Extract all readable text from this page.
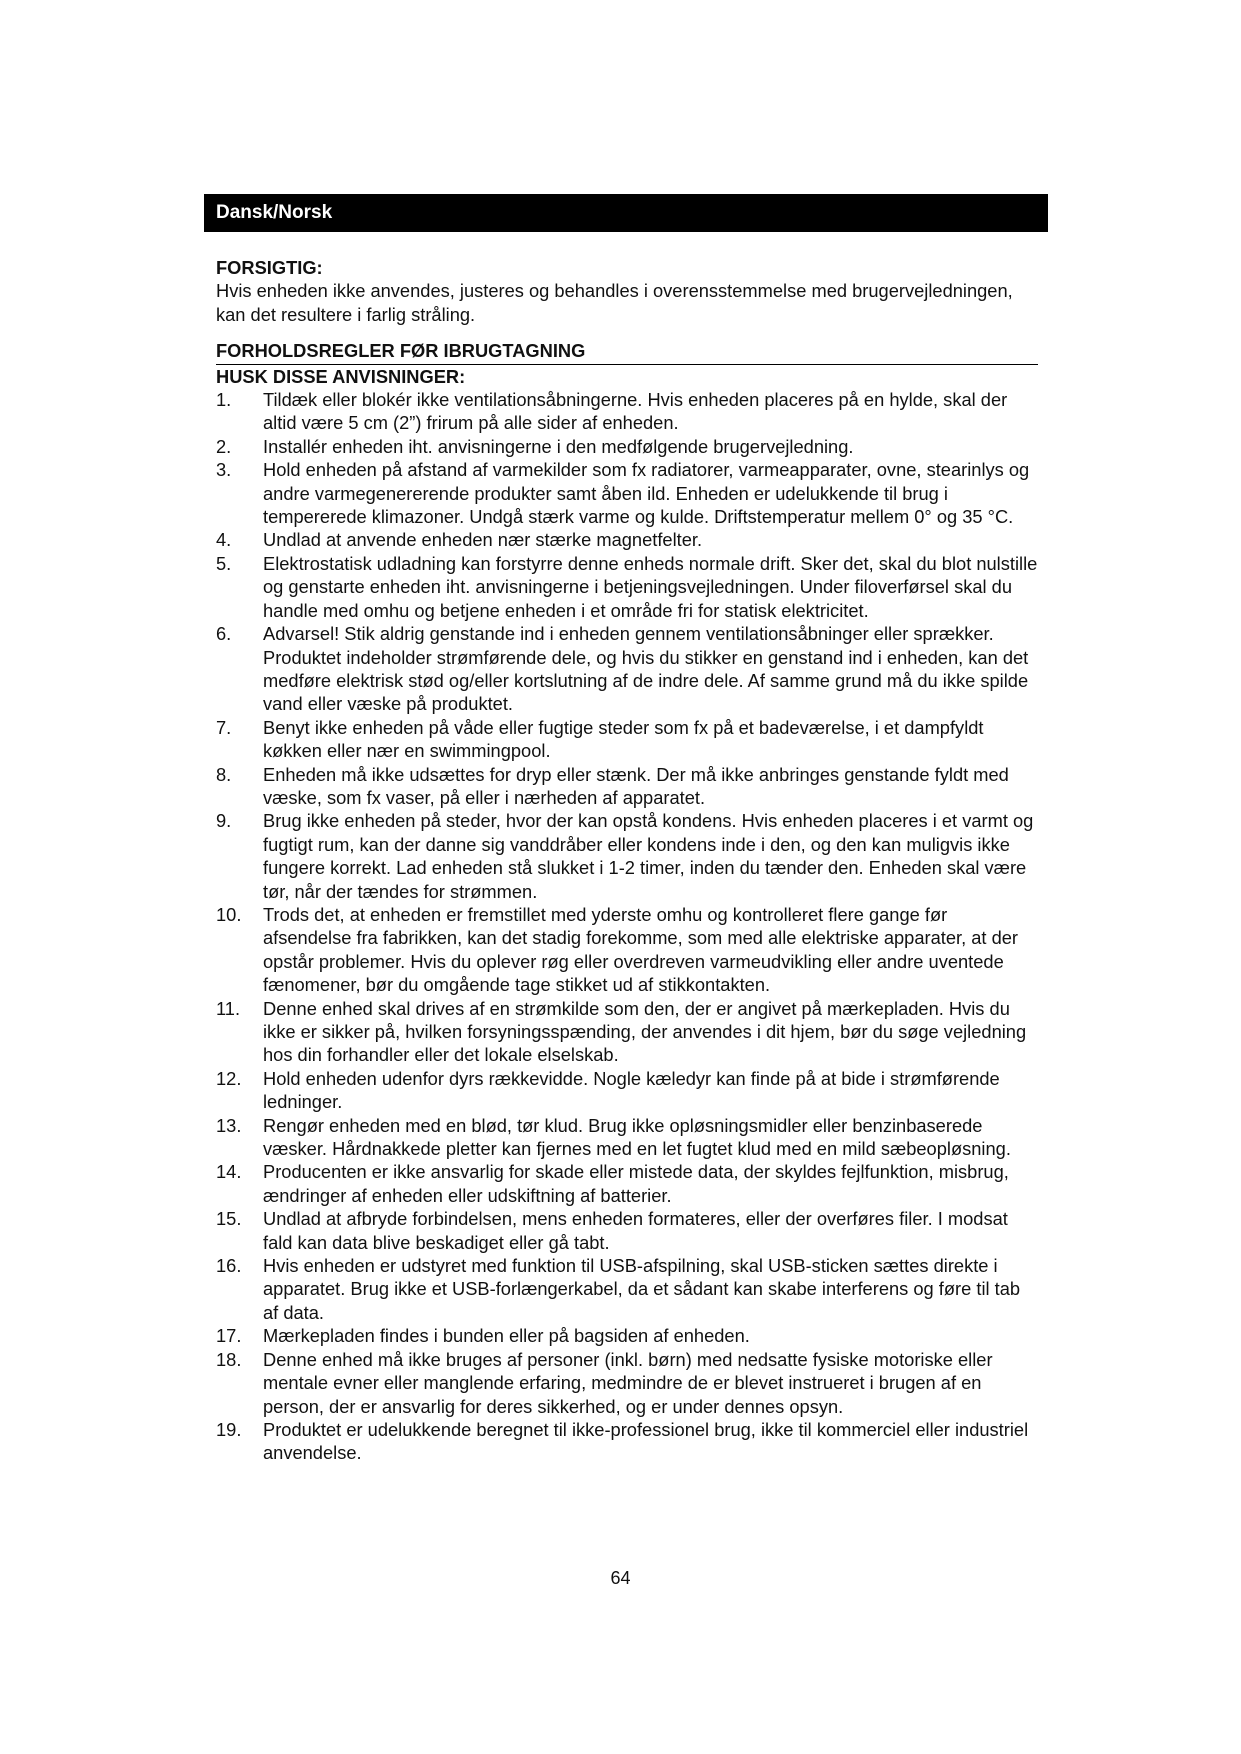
Dansk/Norsk

FORSIGTIG:

Hvis enheden ikke anvendes, justeres og behandles i overensstemmelse med brugervejledningen, kan det resultere i farlig stråling.

FORHOLDSREGLER FØR IBRUGTAGNING

HUSK DISSE ANVISNINGER:

1.	Tildæk eller blokér ikke ventilationsåbningerne. Hvis enheden placeres på en hylde, skal der altid være 5 cm (2”) frirum på alle sider af enheden.
2.	Installér enheden iht. anvisningerne i den medfølgende brugervejledning.
3.	Hold enheden på afstand af varmekilder som fx radiatorer, varmeapparater, ovne, stearinlys og andre varmegenererende produkter samt åben ild. Enheden er udelukkende til brug i tempererede klimazoner. Undgå stærk varme og kulde. Driftstemperatur mellem 0° og 35 °C.
4.	Undlad at anvende enheden nær stærke magnetfelter.
5.	Elektrostatisk udladning kan forstyrre denne enheds normale drift. Sker det, skal du blot nulstille og genstarte enheden iht. anvisningerne i betjeningsvejledningen. Under filoverførsel skal du handle med omhu og betjene enheden i et område fri for statisk elektricitet.
6.	Advarsel! Stik aldrig genstande ind i enheden gennem ventilationsåbninger eller sprækker. Produktet indeholder strømførende dele, og hvis du stikker en genstand ind i enheden, kan det medføre elektrisk stød og/eller kortslutning af de indre dele. Af samme grund må du ikke spilde vand eller væske på produktet.
7.	Benyt ikke enheden på våde eller fugtige steder som fx på et badeværelse, i et dampfyldt køkken eller nær en swimmingpool.
8.	Enheden må ikke udsættes for dryp eller stænk. Der må ikke anbringes genstande fyldt med væske, som fx vaser, på eller i nærheden af apparatet.
9.	Brug ikke enheden på steder, hvor der kan opstå kondens. Hvis enheden placeres i et varmt og fugtigt rum, kan der danne sig vanddråber eller kondens inde i den, og den kan muligvis ikke fungere korrekt. Lad enheden stå slukket i 1-2 timer, inden du tænder den. Enheden skal være tør, når der tændes for strømmen.
10.	Trods det, at enheden er fremstillet med yderste omhu og kontrolleret flere gange før afsendelse fra fabrikken, kan det stadig forekomme, som med alle elektriske apparater, at der opstår problemer. Hvis du oplever røg eller overdreven varmeudvikling eller andre uventede fænomener, bør du omgående tage stikket ud af stikkontakten.
11.	Denne enhed skal drives af en strømkilde som den, der er angivet på mærkepladen. Hvis du ikke er sikker på, hvilken forsyningsspænding, der anvendes i dit hjem, bør du søge vejledning hos din forhandler eller det lokale elselskab.
12.	Hold enheden udenfor dyrs rækkevidde. Nogle kæledyr kan finde på at bide i strømførende ledninger.
13.	Rengør enheden med en blød, tør klud. Brug ikke opløsningsmidler eller benzinbaserede væsker. Hårdnakkede pletter kan fjernes med en let fugtet klud med en mild sæbeopløsning.
14.	Producenten er ikke ansvarlig for skade eller mistede data, der skyldes fejlfunktion, misbrug, ændringer af enheden eller udskiftning af batterier.
15.	Undlad at afbryde forbindelsen, mens enheden formateres, eller der overføres filer. I modsat fald kan data blive beskadiget eller gå tabt.
16.	Hvis enheden er udstyret med funktion til USB-afspilning, skal USB-sticken sættes direkte i apparatet. Brug ikke et USB-forlængerkabel, da et sådant kan skabe interferens og føre til tab af data.
17.	Mærkepladen findes i bunden eller på bagsiden af enheden.
18.	Denne enhed må ikke bruges af personer (inkl. børn) med nedsatte fysiske motoriske eller mentale evner eller manglende erfaring, medmindre de er blevet instrueret i brugen af en person, der er ansvarlig for deres sikkerhed, og er under dennes opsyn.
19.	Produktet er udelukkende beregnet til ikke-professionel brug, ikke til kommerciel eller industriel anvendelse.
64
